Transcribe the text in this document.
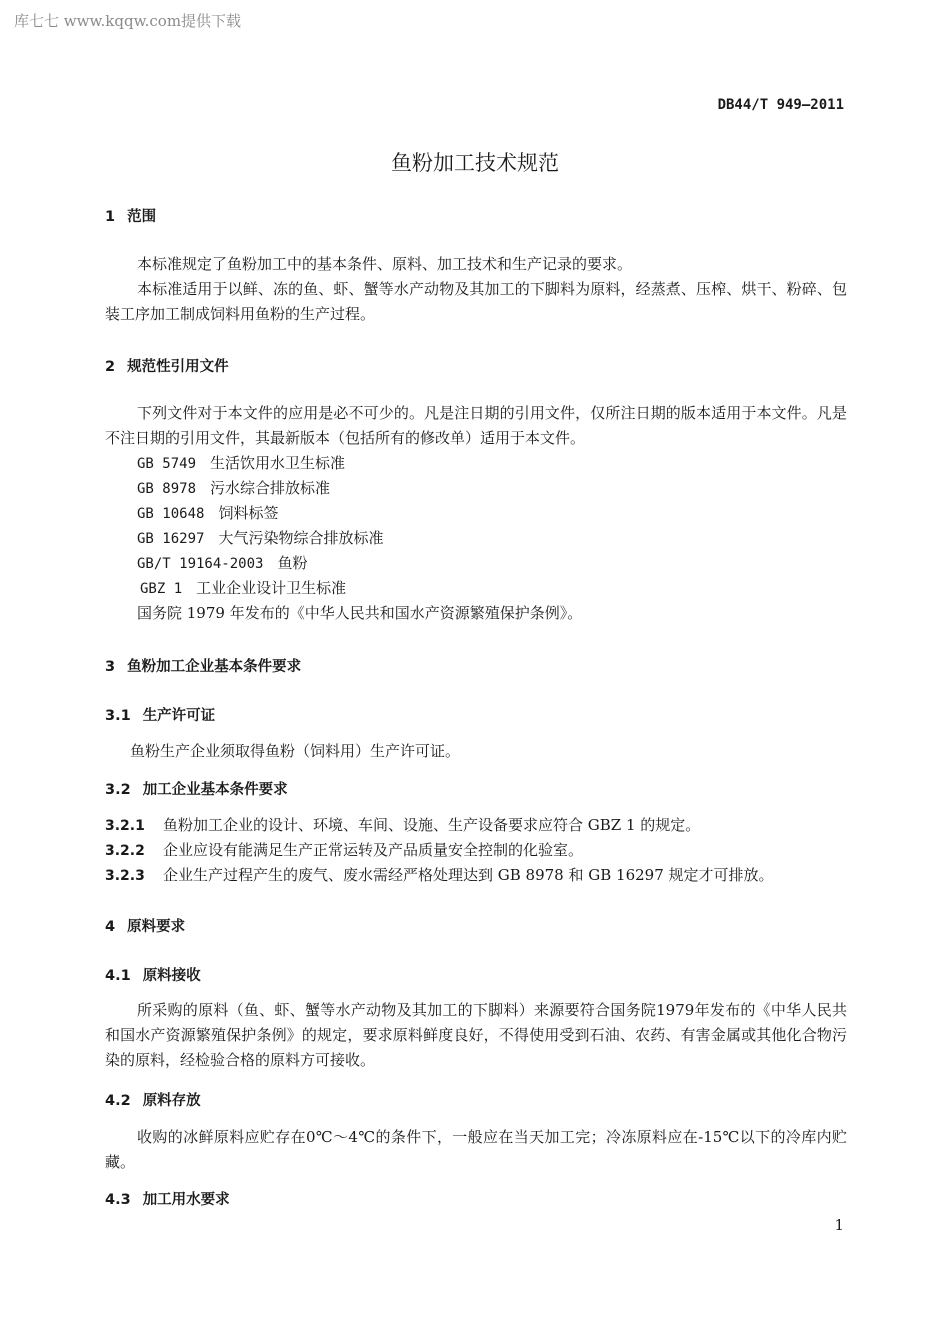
库七七 www.kqqw.com提供下载
DB44/T 949—2011
鱼粉加工技术规范
1 范围
本标准规定了鱼粉加工中的基本条件、原料、加工技术和生产记录的要求。
本标准适用于以鲜、冻的鱼、虾、蟹等水产动物及其加工的下脚料为原料，经蒸煮、压榨、烘干、粉碎、包装工序加工制成饲料用鱼粉的生产过程。
2 规范性引用文件
下列文件对于本文件的应用是必不可少的。凡是注日期的引用文件，仅所注日期的版本适用于本文件。凡是不注日期的引用文件，其最新版本（包括所有的修改单）适用于本文件。
GB 5749 生活饮用水卫生标准
GB 8978 污水综合排放标准
GB 10648 饲料标签
GB 16297 大气污染物综合排放标准
GB/T 19164-2003 鱼粉
GBZ 1 工业企业设计卫生标准
国务院 1979 年发布的《中华人民共和国水产资源繁殖保护条例》。
3 鱼粉加工企业基本条件要求
3.1 生产许可证
鱼粉生产企业须取得鱼粉（饲料用）生产许可证。
3.2 加工企业基本条件要求
3.2.1 鱼粉加工企业的设计、环境、车间、设施、生产设备要求应符合 GBZ 1 的规定。
3.2.2 企业应设有能满足生产正常运转及产品质量安全控制的化验室。
3.2.3 企业生产过程产生的废气、废水需经严格处理达到 GB 8978 和 GB 16297 规定才可排放。
4 原料要求
4.1 原料接收
所采购的原料（鱼、虾、蟹等水产动物及其加工的下脚料）来源要符合国务院1979年发布的《中华人民共和国水产资源繁殖保护条例》的规定，要求原料鲜度良好，不得使用受到石油、农药、有害金属或其他化合物污染的原料，经检验合格的原料方可接收。
4.2 原料存放
收购的冰鲜原料应贮存在0℃～4℃的条件下，一般应在当天加工完；冷冻原料应在-15℃以下的冷库内贮藏。
4.3 加工用水要求
1
